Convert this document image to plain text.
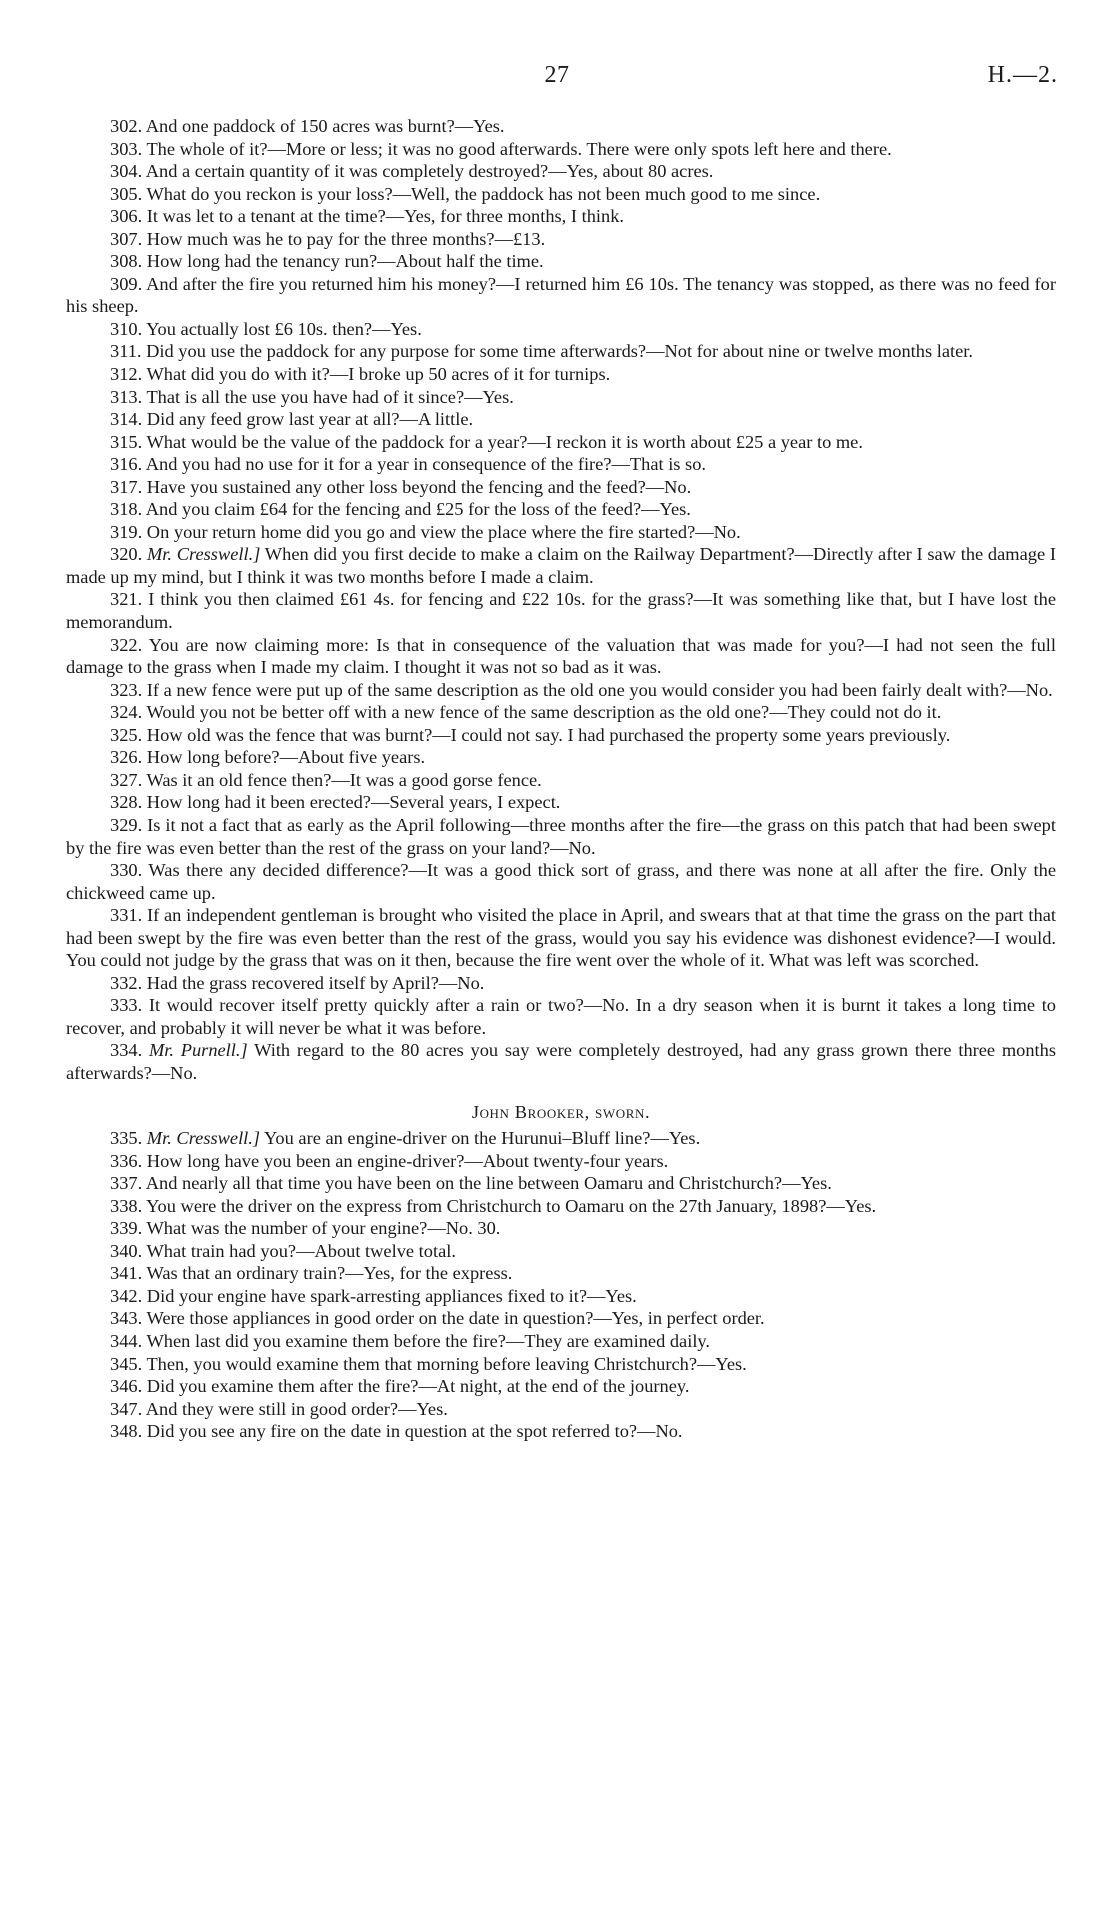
27	H.—2.

302. And one paddock of 150 acres was burnt?—Yes.

303. The whole of it?—More or less; it was no good afterwards. There were only spots left here and there.

304. And a certain quantity of it was completely destroyed?—Yes, about 80 acres.

305. What do you reckon is your loss?—Well, the paddock has not been much good to me since.

306. It was let to a tenant at the time?—Yes, for three months, I think.

307. How much was he to pay for the three months?—£13.

308. How long had the tenancy run?—About half the time.

309. And after the fire you returned him his money?—I returned him £6 10s. The tenancy was stopped, as there was no feed for his sheep.

310. You actually lost £6 10s. then?—Yes.

311. Did you use the paddock for any purpose for some time afterwards?—Not for about nine or twelve months later.

312. What did you do with it?—I broke up 50 acres of it for turnips.

313. That is all the use you have had of it since?—Yes.

314. Did any feed grow last year at all?—A little.

315. What would be the value of the paddock for a year?—I reckon it is worth about £25 a year to me.

316. And you had no use for it for a year in consequence of the fire?—That is so.

317. Have you sustained any other loss beyond the fencing and the feed?—No.

318. And you claim £64 for the fencing and £25 for the loss of the feed?—Yes.

319. On your return home did you go and view the place where the fire started?—No.

320. Mr. Cresswell.] When did you first decide to make a claim on the Railway Department?—Directly after I saw the damage I made up my mind, but I think it was two months before I made a claim.

321. I think you then claimed £61 4s. for fencing and £22 10s. for the grass?—It was something like that, but I have lost the memorandum.

322. You are now claiming more: Is that in consequence of the valuation that was made for you?—I had not seen the full damage to the grass when I made my claim. I thought it was not so bad as it was.

323. If a new fence were put up of the same description as the old one you would consider you had been fairly dealt with?—No.

324. Would you not be better off with a new fence of the same description as the old one?—They could not do it.

325. How old was the fence that was burnt?—I could not say. I had purchased the property some years previously.

326. How long before?—About five years.

327. Was it an old fence then?—It was a good gorse fence.

328. How long had it been erected?—Several years, I expect.

329. Is it not a fact that as early as the April following—three months after the fire—the grass on this patch that had been swept by the fire was even better than the rest of the grass on your land?—No.

330. Was there any decided difference?—It was a good thick sort of grass, and there was none at all after the fire. Only the chickweed came up.

331. If an independent gentleman is brought who visited the place in April, and swears that at that time the grass on the part that had been swept by the fire was even better than the rest of the grass, would you say his evidence was dishonest evidence?—I would. You could not judge by the grass that was on it then, because the fire went over the whole of it. What was left was scorched.

332. Had the grass recovered itself by April?—No.

333. It would recover itself pretty quickly after a rain or two?—No. In a dry season when it is burnt it takes a long time to recover, and probably it will never be what it was before.

334. Mr. Purnell.] With regard to the 80 acres you say were completely destroyed, had any grass grown there three months afterwards?—No.

John Brooker, sworn.

335. Mr. Cresswell.] You are an engine-driver on the Hurunui–Bluff line?—Yes.

336. How long have you been an engine-driver?—About twenty-four years.

337. And nearly all that time you have been on the line between Oamaru and Christchurch?—Yes.

338. You were the driver on the express from Christchurch to Oamaru on the 27th January, 1898?—Yes.

339. What was the number of your engine?—No. 30.

340. What train had you?—About twelve total.

341. Was that an ordinary train?—Yes, for the express.

342. Did your engine have spark-arresting appliances fixed to it?—Yes.

343. Were those appliances in good order on the date in question?—Yes, in perfect order.

344. When last did you examine them before the fire?—They are examined daily.

345. Then, you would examine them that morning before leaving Christchurch?—Yes.

346. Did you examine them after the fire?—At night, at the end of the journey.

347. And they were still in good order?—Yes.

348. Did you see any fire on the date in question at the spot referred to?—No.
